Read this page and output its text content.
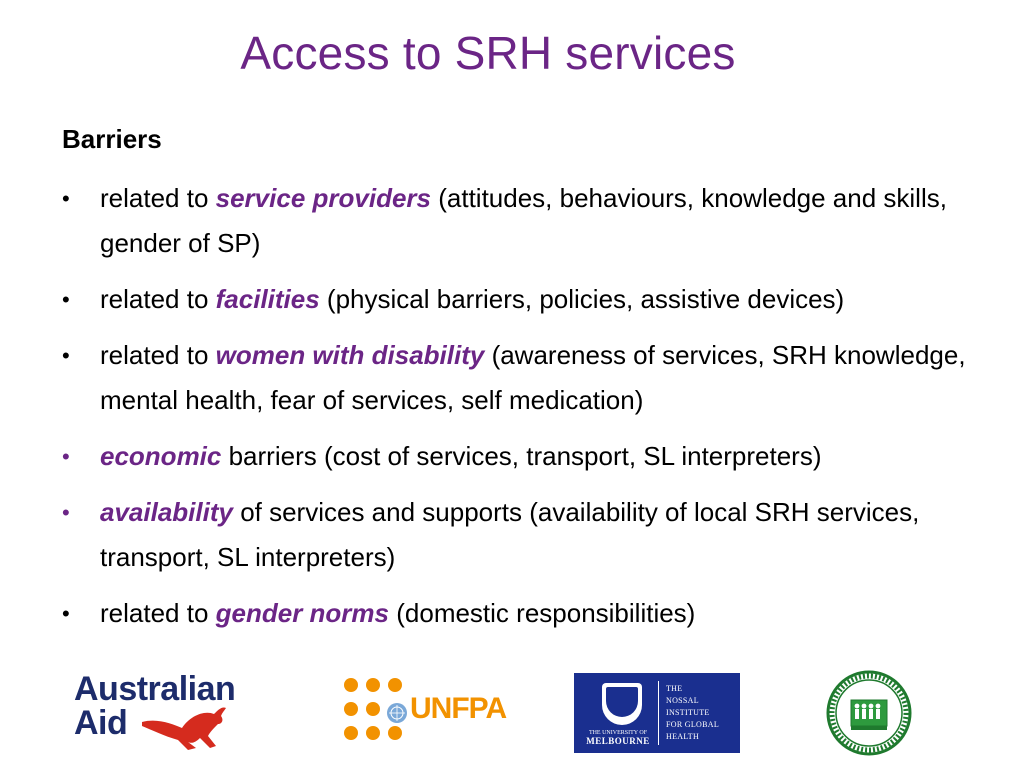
Access to SRH services
Barriers
• related to service providers (attitudes, behaviours, knowledge and skills, gender of SP)
• related to facilities (physical barriers, policies, assistive devices)
• related to women with disability (awareness of services, SRH knowledge, mental health, fear of services, self medication)
• economic barriers (cost of services, transport, SL interpreters)
• availability of services and supports (availability of local SRH services, transport, SL interpreters)
• related to gender norms (domestic responsibilities)
Australian
Aid	UNFPA
THE UNIVERSITY OF
MELBOURNE
THE
NOSSAL
INSTITUTE
FOR GLOBAL
HEALTH
